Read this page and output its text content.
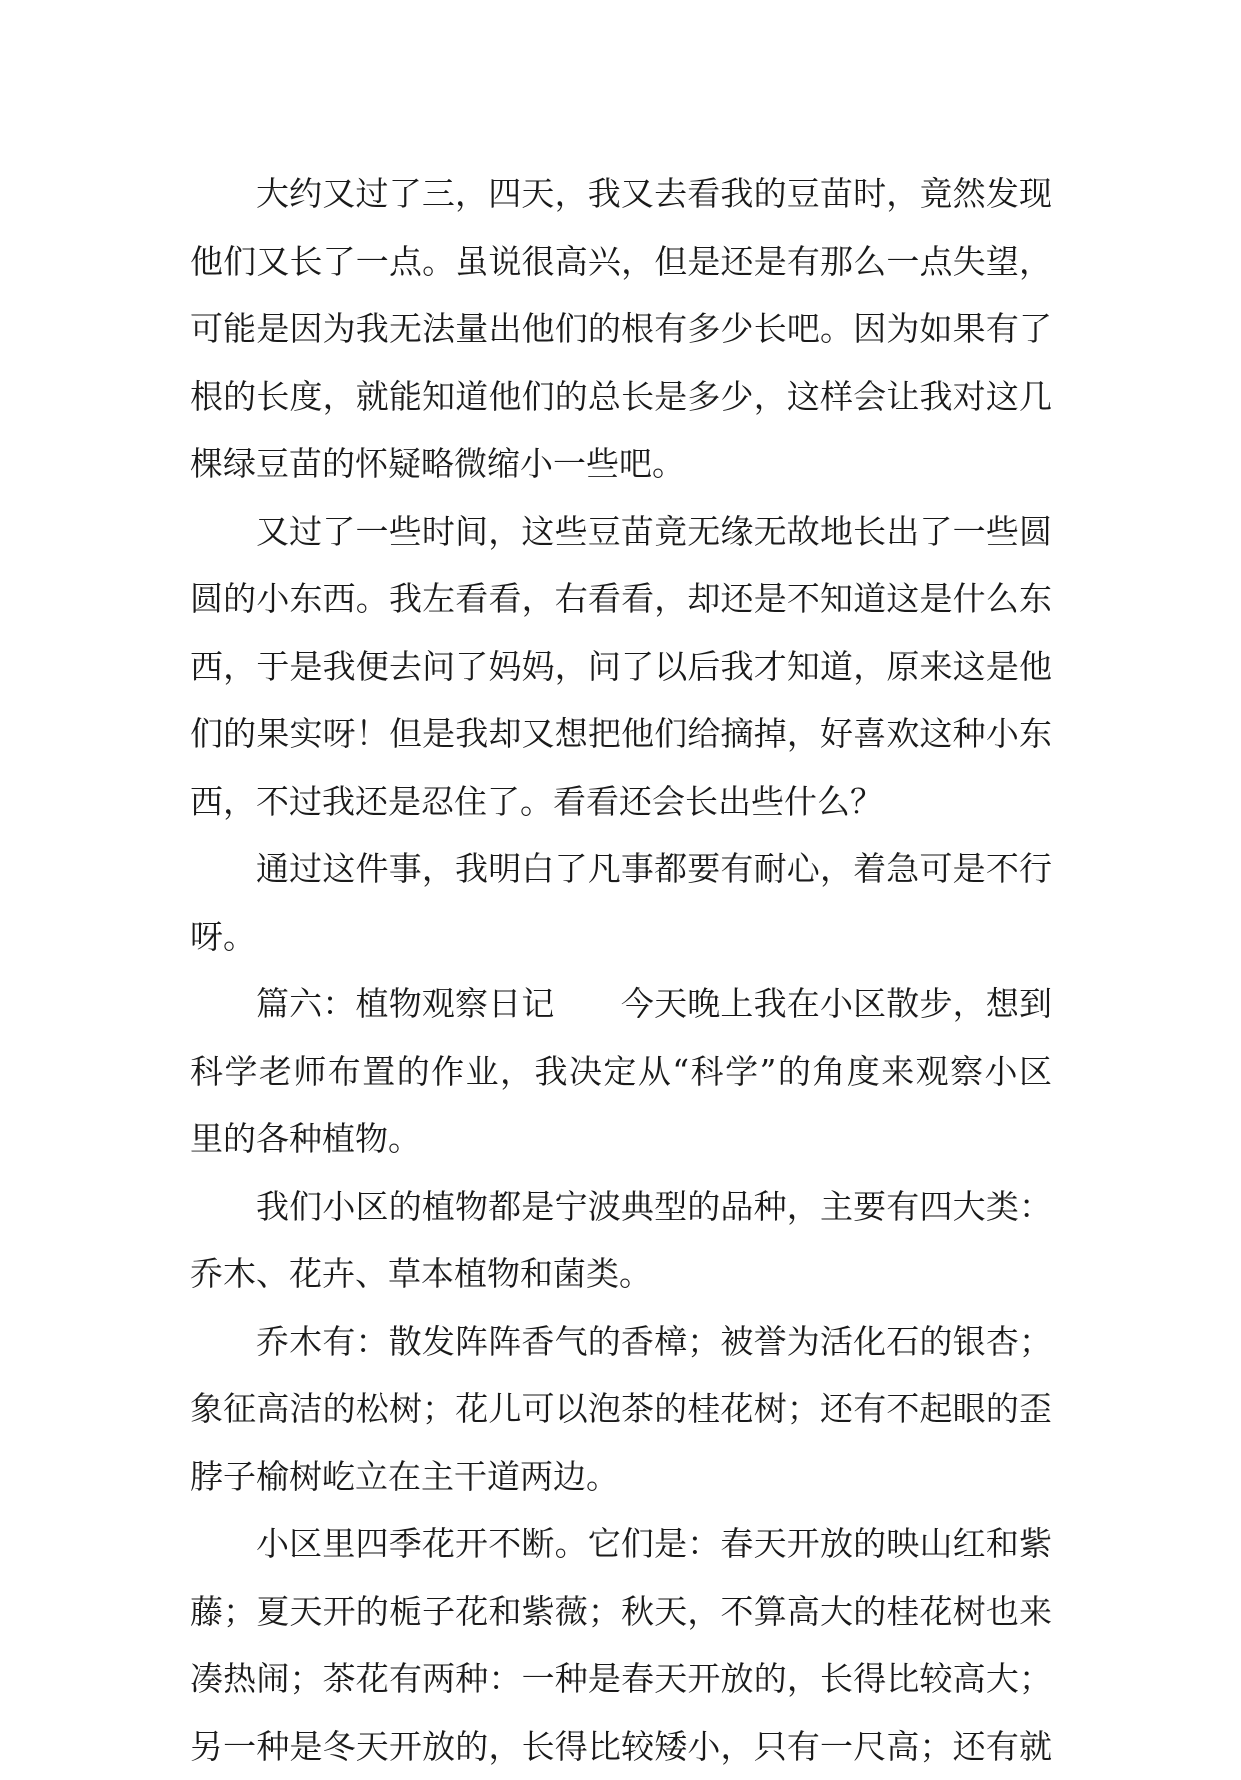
大约又过了三，四天，我又去看我的豆苗时，竟然发现
他们又长了一点。虽说很高兴，但是还是有那么一点失望，
可能是因为我无法量出他们的根有多少长吧。因为如果有了
根的长度，就能知道他们的总长是多少，这样会让我对这几
棵绿豆苗的怀疑略微缩小一些吧。
又过了一些时间，这些豆苗竟无缘无故地长出了一些圆
圆的小东西。我左看看，右看看，却还是不知道这是什么东
西，于是我便去问了妈妈，问了以后我才知道，原来这是他
们的果实呀！但是我却又想把他们给摘掉，好喜欢这种小东
西，不过我还是忍住了。看看还会长出些什么？
通过这件事，我明白了凡事都要有耐心，着急可是不行
呀。
篇六：植物观察日记　　今天晚上我在小区散步，想到
科学老师布置的作业，我决定从“科学”的角度来观察小区
里的各种植物。
我们小区的植物都是宁波典型的品种，主要有四大类：
乔木、花卉、草本植物和菌类。
乔木有：散发阵阵香气的香樟；被誉为活化石的银杏；
象征高洁的松树；花儿可以泡茶的桂花树；还有不起眼的歪
脖子榆树屹立在主干道两边。
小区里四季花开不断。它们是：春天开放的映山红和紫
藤；夏天开的栀子花和紫薇；秋天，不算高大的桂花树也来
凑热闹；茶花有两种：一种是春天开放的，长得比较高大；
另一种是冬天开放的，长得比较矮小，只有一尺高；还有就
